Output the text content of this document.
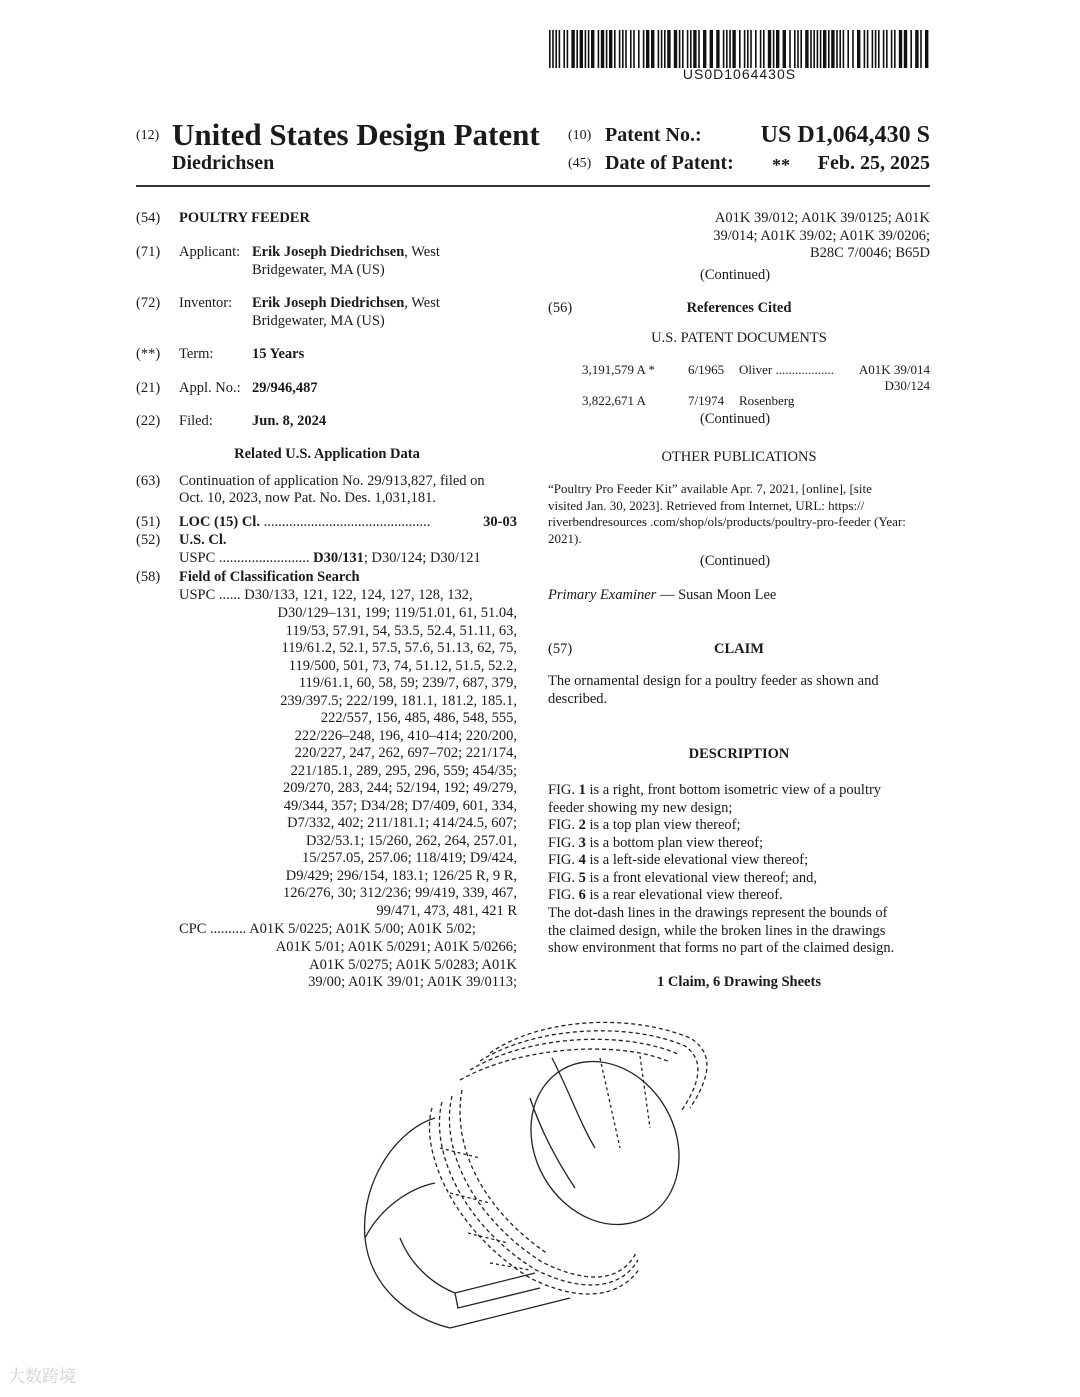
US0D1064430S
(12) United States Design Patent
Diedrichsen
(10) Patent No.:	US D1,064,430 S
(45) Date of Patent: **	Feb. 25, 2025
(54) POULTRY FEEDER
(71) Applicant: Erik Joseph Diedrichsen, West
Bridgewater, MA (US)
(72) Inventor: Erik Joseph Diedrichsen, West
Bridgewater, MA (US)
(**) Term:	15 Years
(21) Appl. No.: 29/946,487
(22) Filed:	Jun. 8, 2024
Related U.S. Application Data
(63) Continuation of application No. 29/913,827, filed on
Oct. 10, 2023, now Pat. No. Des. 1,031,181.
(51) LOC (15) Cl. ..............................................	30-03
(52) U.S. Cl.
USPC ......................... D30/131; D30/124; D30/121
(58) Field of Classification Search
USPC ...... D30/133, 121, 122, 124, 127, 128, 132,
D30/129–131, 199; 119/51.01, 61, 51.04,
119/53, 57.91, 54, 53.5, 52.4, 51.11, 63,
119/61.2, 52.1, 57.5, 57.6, 51.13, 62, 75,
119/500, 501, 73, 74, 51.12, 51.5, 52.2,
119/61.1, 60, 58, 59; 239/7, 687, 379,
239/397.5; 222/199, 181.1, 181.2, 185.1,
222/557, 156, 485, 486, 548, 555,
222/226–248, 196, 410–414; 220/200,
220/227, 247, 262, 697–702; 221/174,
221/185.1, 289, 295, 296, 559; 454/35;
209/270, 283, 244; 52/194, 192; 49/279,
49/344, 357; D34/28; D7/409, 601, 334,
D7/332, 402; 211/181.1; 414/24.5, 607;
D32/53.1; 15/260, 262, 264, 257.01,
15/257.05, 257.06; 118/419; D9/424,
D9/429; 296/154, 183.1; 126/25 R, 9 R,
126/276, 30; 312/236; 99/419, 339, 467,
99/471, 473, 481, 421 R
CPC .......... A01K 5/0225; A01K 5/00; A01K 5/02;
A01K 5/01; A01K 5/0291; A01K 5/0266;
A01K 5/0275; A01K 5/0283; A01K
39/00; A01K 39/01; A01K 39/0113;
A01K 39/012; A01K 39/0125; A01K
39/014; A01K 39/02; A01K 39/0206;
B28C 7/0046; B65D
(Continued)
(56)	References Cited
U.S. PATENT DOCUMENTS
3,191,579 A *	6/1965 Oliver ..................	A01K 39/014
D30/124
3,822,671 A	7/1974 Rosenberg
(Continued)
OTHER PUBLICATIONS
“Poultry Pro Feeder Kit” available Apr. 7, 2021, [online], [site
visited Jan. 30, 2023]. Retrieved from Internet, URL: https://
riverbendresources .com/shop/ols/products/poultry-pro-feeder (Year:
2021).
(Continued)
Primary Examiner — Susan Moon Lee
(57)	CLAIM
The ornamental design for a poultry feeder as shown and
described.
DESCRIPTION
FIG. 1 is a right, front bottom isometric view of a poultry
feeder showing my new design;
FIG. 2 is a top plan view thereof;
FIG. 3 is a bottom plan view thereof;
FIG. 4 is a left-side elevational view thereof;
FIG. 5 is a front elevational view thereof; and,
FIG. 6 is a rear elevational view thereof.
The dot-dash lines in the drawings represent the bounds of
the claimed design, while the broken lines in the drawings
show environment that forms no part of the claimed design.
1 Claim, 6 Drawing Sheets
大数跨境
